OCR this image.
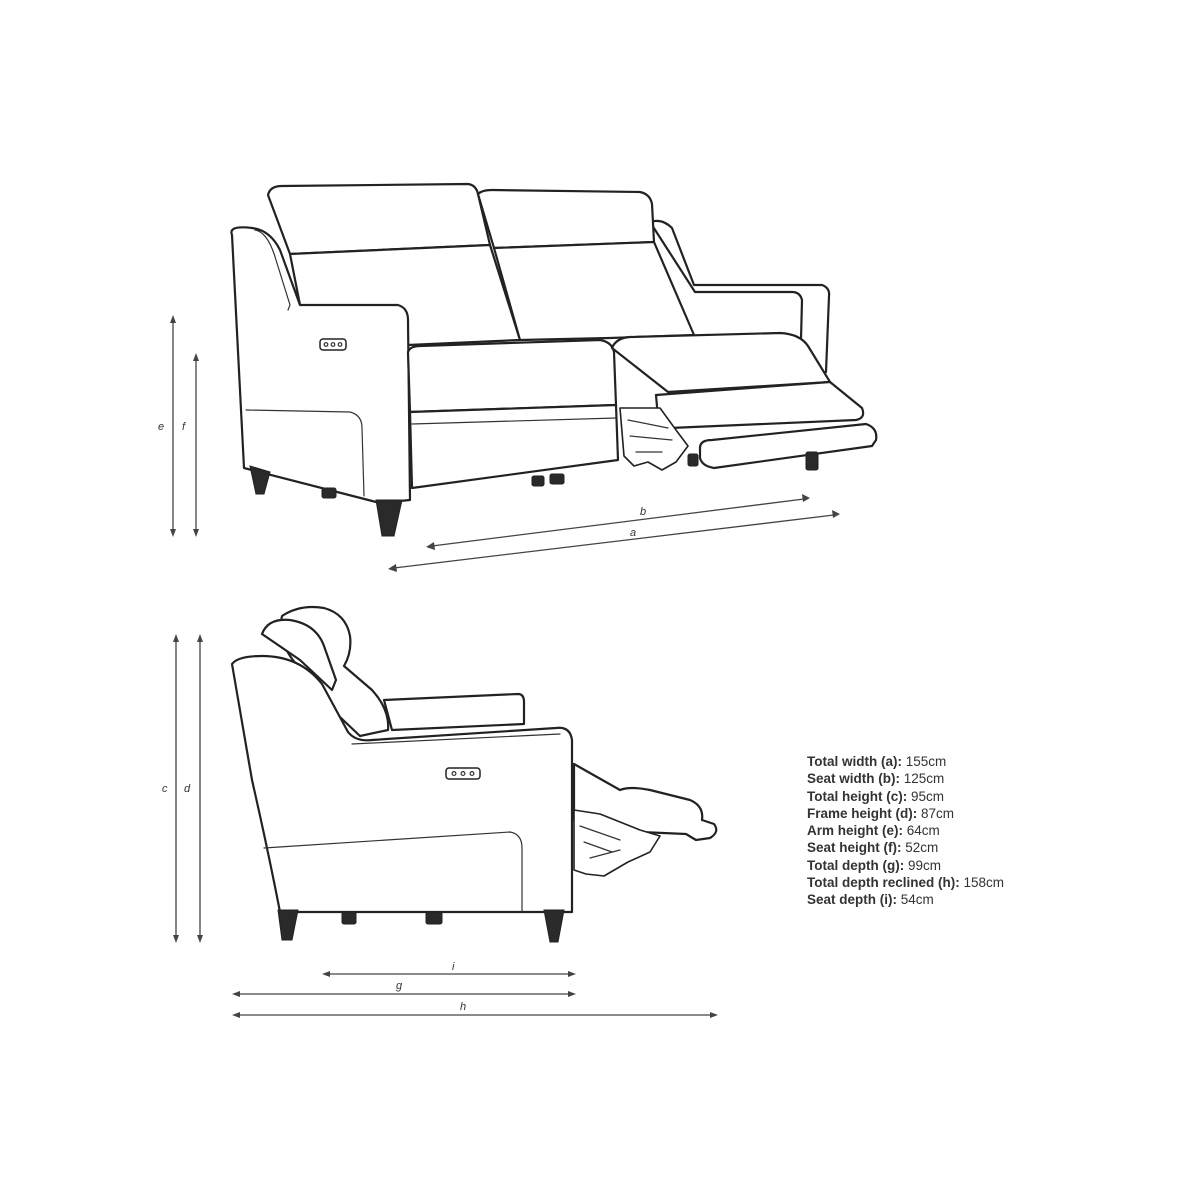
e f
b
a
c d
i
g
h
Total width (a): 155cm
Seat width (b): 125cm
Total height (c): 95cm
Frame height (d): 87cm
Arm height (e): 64cm
Seat height (f): 52cm
Total depth (g): 99cm
Total depth reclined (h): 158cm
Seat depth (i): 54cm
